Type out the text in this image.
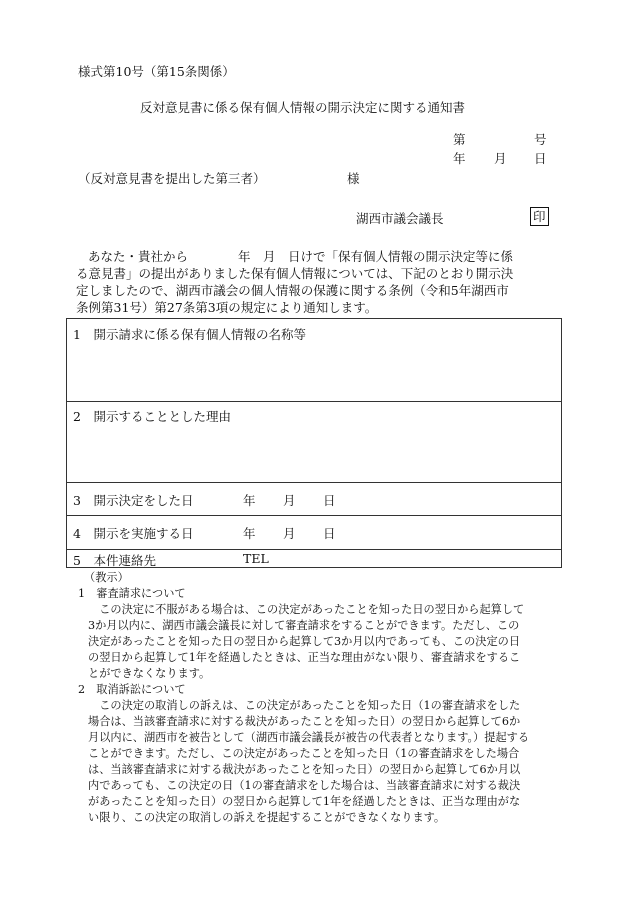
様式第10号（第15条関係）
反対意見書に係る保有個人情報の開示決定に関する通知書
第	号
年 月 日
（反対意見書を提出した第三者）	様
湖西市議会議長	印
あなた・貴社から　　　　年　月　日けで「保有個人情報の開示決定等に係
る意見書」の提出がありました保有個人情報については、下記のとおり開示決
定しましたので、湖西市議会の個人情報の保護に関する条例（令和5年湖西市
条例第31号）第27条第3項の規定により通知します。
1　開示請求に係る保有個人情報の名称等
2　開示することとした理由
3　開示決定をした日	年 月 日
4　開示を実施する日	年 月 日
5　本件連絡先	TEL
（教示）
1　審査請求について
　この決定に不服がある場合は、この決定があったことを知った日の翌日から起算して
3か月以内に、湖西市議会議長に対して審査請求をすることができます。ただし、この
決定があったことを知った日の翌日から起算して3か月以内であっても、この決定の日
の翌日から起算して1年を経過したときは、正当な理由がない限り、審査請求をするこ
とができなくなります。
2　取消訴訟について
　この決定の取消しの訴えは、この決定があったことを知った日（1の審査請求をした
場合は、当該審査請求に対する裁決があったことを知った日）の翌日から起算して6か
月以内に、湖西市を被告として（湖西市議会議長が被告の代表者となります。）提起する
ことができます。ただし、この決定があったことを知った日（1の審査請求をした場合
は、当該審査請求に対する裁決があったことを知った日）の翌日から起算して6か月以
内であっても、この決定の日（1の審査請求をした場合は、当該審査請求に対する裁決
があったことを知った日）の翌日から起算して1年を経過したときは、正当な理由がな
い限り、この決定の取消しの訴えを提起することができなくなります。
